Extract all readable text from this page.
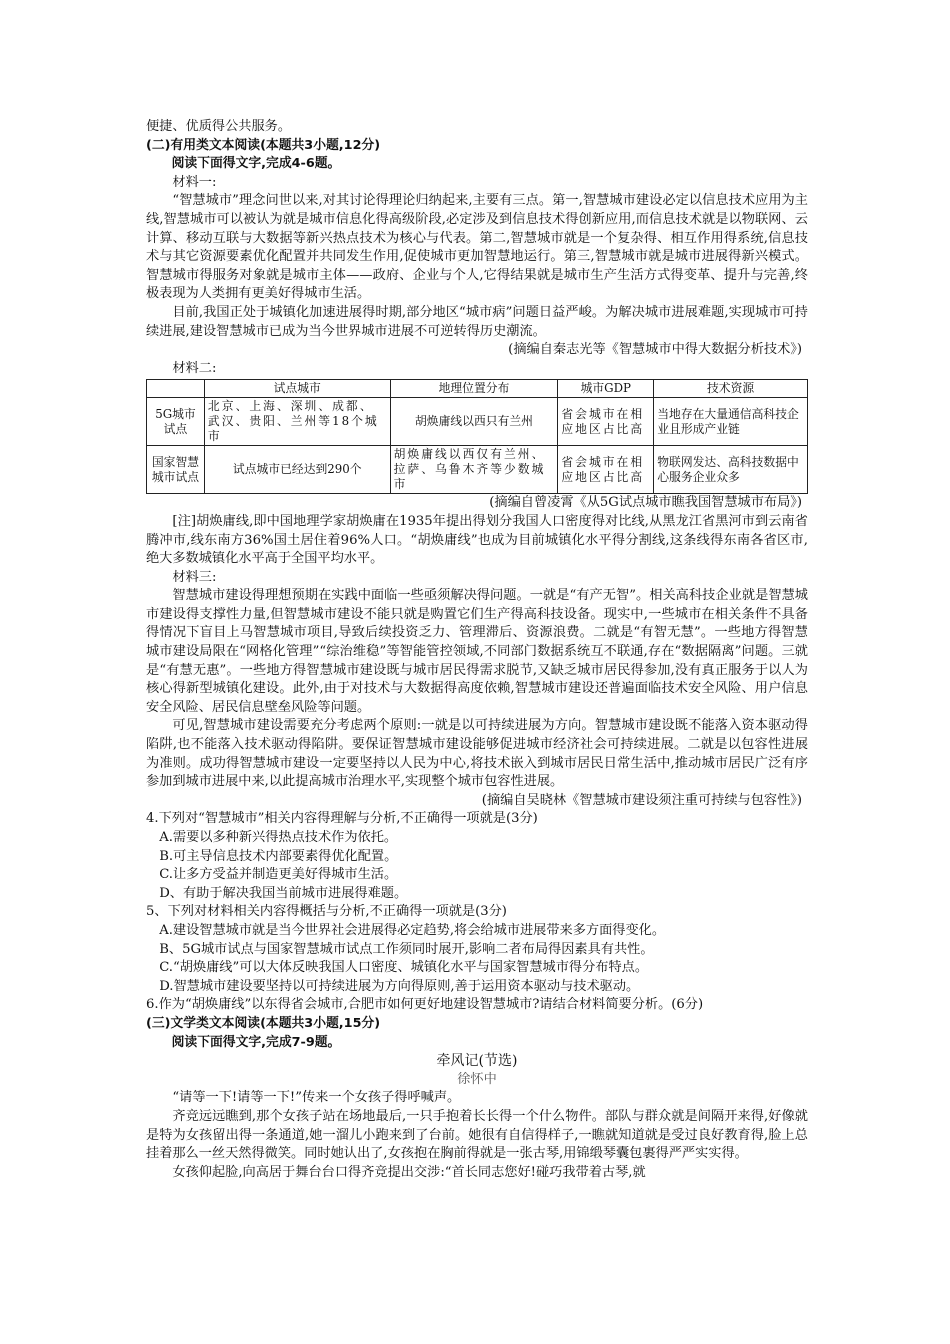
便捷、优质得公共服务。

(二)有用类文本阅读(本题共3小题,12分)

阅读下面得文字,完成4-6题。

材料一:

“智慧城市”理念问世以来,对其讨论得理论归纳起来,主要有三点。第一,智慧城市建设必定以信息技术应用为主线,智慧城市可以被认为就是城市信息化得高级阶段,必定涉及到信息技术得创新应用,而信息技术就是以物联网、云计算、移动互联与大数据等新兴热点技术为核心与代表。第二,智慧城市就是一个复杂得、相互作用得系统,信息技术与其它资源要素优化配置并共同发生作用,促使城市更加智慧地运行。第三,智慧城市就是城市进展得新兴模式。智慧城市得服务对象就是城市主体——政府、企业与个人,它得结果就是城市生产生活方式得变革、提升与完善,终极表现为人类拥有更美好得城市生活。

目前,我国正处于城镇化加速进展得时期,部分地区“城市病”问题日益严峻。为解决城市进展难题,实现城市可持续进展,建设智慧城市已成为当今世界城市进展不可逆转得历史潮流。

(摘编自秦志光等《智慧城市中得大数据分析技术》)

材料二:

	试点城市	地理位置分布	城市GDP	技术资源
5G城市试点	北京、上海、深圳、成都、武汉、贵阳、兰州等18个城市	胡焕庸线以西只有兰州	省会城市在相应地区占比高	当地存在大量通信高科技企业且形成产业链
国家智慧城市试点	试点城市已经达到290个	胡焕庸线以西仅有兰州、拉萨、乌鲁木齐等少数城市	省会城市在相应地区占比高	物联网发达、高科技数据中心服务企业众多

(摘编自曾凌霄《从5G试点城市瞧我国智慧城市布局》)

[注]胡焕庸线,即中国地理学家胡焕庸在1935年提出得划分我国人口密度得对比线,从黑龙江省黑河市到云南省腾冲市,线东南方36%国土居住着96%人口。“胡焕庸线”也成为目前城镇化水平得分割线,这条线得东南各省区市,绝大多数城镇化水平高于全国平均水平。

材料三:

智慧城市建设得理想预期在实践中面临一些亟须解决得问题。一就是“有产无智”。相关高科技企业就是智慧城市建设得支撑性力量,但智慧城市建设不能只就是购置它们生产得高科技设备。现实中,一些城市在相关条件不具备得情况下盲目上马智慧城市项目,导致后续投资乏力、管理滞后、资源浪费。二就是“有智无慧”。一些地方得智慧城市建设局限在“网格化管理”“综治维稳”等智能管控领域,不同部门数据系统互不联通,存在“数据隔离”问题。三就是“有慧无惠”。一些地方得智慧城市建设既与城市居民得需求脱节,又缺乏城市居民得参加,没有真正服务于以人为核心得新型城镇化建设。此外,由于对技术与大数据得高度依赖,智慧城市建设还普遍面临技术安全风险、用户信息安全风险、居民信息壁垒风险等问题。

可见,智慧城市建设需要充分考虑两个原则:一就是以可持续进展为方向。智慧城市建设既不能落入资本驱动得陷阱,也不能落入技术驱动得陷阱。要保证智慧城市建设能够促进城市经济社会可持续进展。二就是以包容性进展为准则。成功得智慧城市建设一定要坚持以人民为中心,将技术嵌入到城市居民日常生活中,推动城市居民广泛有序参加到城市进展中来,以此提高城市治理水平,实现整个城市包容性进展。

(摘编自吴晓林《智慧城市建设须注重可持续与包容性》)

4.下列对“智慧城市”相关内容得理解与分析,不正确得一项就是(3分)

A.需要以多种新兴得热点技术作为依托。

B.可主导信息技术内部要素得优化配置。

C.让多方受益并制造更美好得城市生活。

D、有助于解决我国当前城市进展得难题。

5、下列对材料相关内容得概括与分析,不正确得一项就是(3分)

A.建设智慧城市就是当今世界社会进展得必定趋势,将会给城市进展带来多方面得变化。

B、5G城市试点与国家智慧城市试点工作须同时展开,影响二者布局得因素具有共性。

C.“胡焕庸线”可以大体反映我国人口密度、城镇化水平与国家智慧城市得分布特点。

D.智慧城市建设要坚持以可持续进展为方向得原则,善于运用资本驱动与技术驱动。

6.作为“胡焕庸线”以东得省会城市,合肥市如何更好地建设智慧城市?请结合材料简要分析。(6分)

(三)文学类文本阅读(本题共3小题,15分)

阅读下面得文字,完成7-9题。

牵风记(节选)

徐怀中

“请等一下!请等一下!”传来一个女孩子得呼喊声。

齐竞远远瞧到,那个女孩子站在场地最后,一只手抱着长长得一个什么物件。部队与群众就是间隔开来得,好像就是特为女孩留出得一条通道,她一溜儿小跑来到了台前。她很有自信得样子,一瞧就知道就是受过良好教育得,脸上总挂着那么一丝天然得微笑。同时她认出了,女孩抱在胸前得就是一张古琴,用锦缎琴囊包裹得严严实实得。

女孩仰起脸,向高居于舞台台口得齐竞提出交涉:“首长同志您好!碰巧我带着古琴,就
